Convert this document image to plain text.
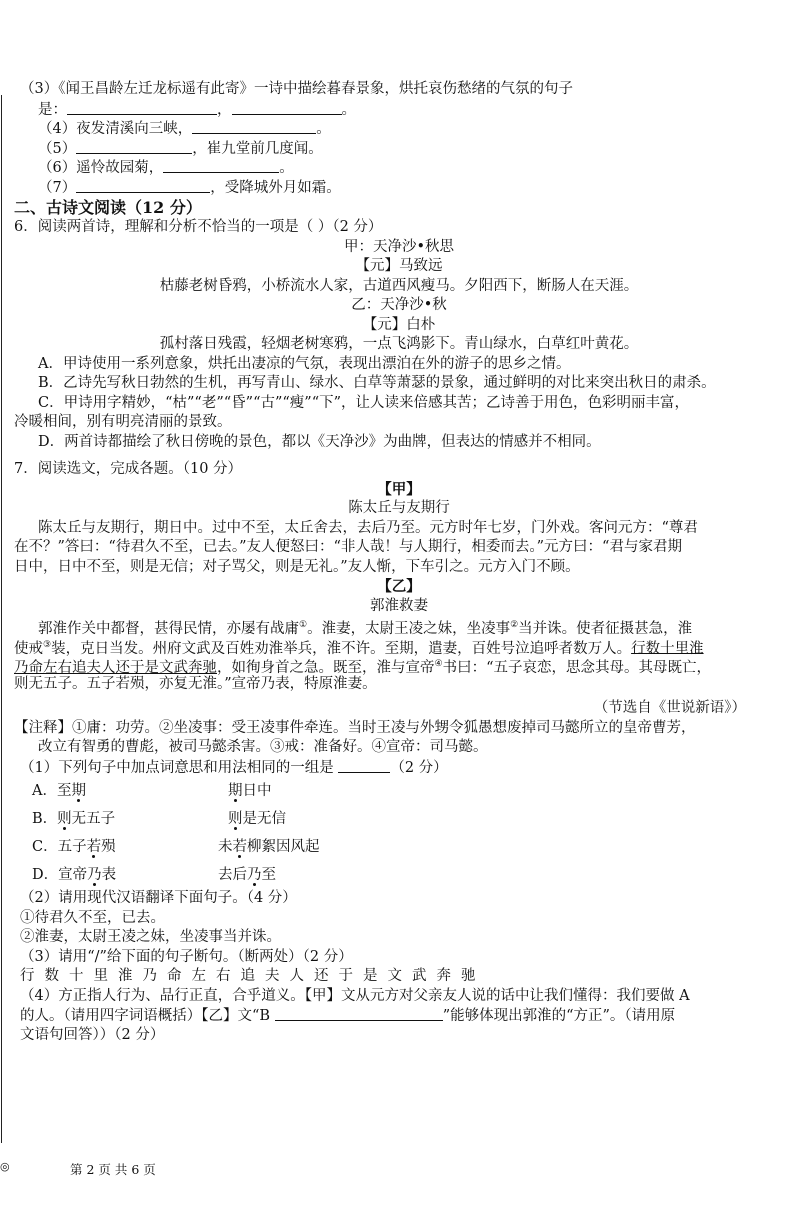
（3）《闻王昌龄左迁龙标遥有此寄》一诗中描绘暮春景象，烘托哀伤愁绪的气氛的句子
是：	，	。
（4）夜发清溪向三峡，	。
（5）	，崔九堂前几度闻。
（6）遥怜故园菊，	。
（7）	，受降城外月如霜。
二、古诗文阅读（12 分）
6．阅读两首诗，理解和分析不恰当的一项是（ ）（2 分）
甲：天净沙•秋思
【元】马致远
枯藤老树昏鸦，小桥流水人家，古道西风瘦马。夕阳西下，断肠人在天涯。
乙：天净沙•秋
【元】白朴
孤村落日残霞，轻烟老树寒鸦，一点飞鸿影下。青山绿水，白草红叶黄花。
A．甲诗使用一系列意象，烘托出凄凉的气氛，表现出漂泊在外的游子的思乡之情。
B．乙诗先写秋日勃然的生机，再写青山、绿水、白草等萧瑟的景象，通过鲜明的对比来突出秋日的肃杀。
C．甲诗用字精妙，“枯”“老”“昏”“古”“瘦”“下”，让人读来倍感其苦；乙诗善于用色，色彩明丽丰富，
冷暖相间，别有明亮清丽的景致。
D．两首诗都描绘了秋日傍晚的景色，都以《天净沙》为曲牌，但表达的情感并不相同。
7．阅读选文，完成各题。（10 分）
【甲】
陈太丘与友期行
陈太丘与友期行，期日中。过中不至，太丘舍去，去后乃至。元方时年七岁，门外戏。客问元方：“尊君
在不？”答曰：“待君久不至，已去。”友人便怒曰：“非人哉！与人期行，相委而去。”元方曰：“君与家君期
日中，日中不至，则是无信；对子骂父，则是无礼。”友人惭，下车引之。元方入门不顾。
【乙】
郭淮救妻
郭淮作关中都督，甚得民情，亦屡有战庸①。淮妻，太尉王凌之妹，坐凌事②当并诛。使者征摄甚急，淮
使戒③装，克日当发。州府文武及百姓劝淮举兵，淮不许。至期，遣妻，百姓号泣追呼者数万人。行数十里淮
乃命左右追夫人还于是文武奔驰，如徇身首之急。既至，淮与宣帝④书曰：“五子哀恋，思念其母。其母既亡，
则无五子。五子若殒，亦复无淮。”宣帝乃表，特原淮妻。
（节选自《世说新语》）
【注释】①庸：功劳。②坐凌事：受王凌事件牵连。当时王凌与外甥令狐愚想废掉司马懿所立的皇帝曹芳，
改立有智勇的曹彪，被司马懿杀害。③戒：准备好。④宣帝：司马懿。
（1）下列句子中加点词意思和用法相同的一组是	（2 分）
A．至期	期日中
B．则无五子	则是无信
C．五子若殒	未若柳絮因风起
D．宣帝乃表	去后乃至
（2）请用现代汉语翻译下面句子。（4 分）
①待君久不至，已去。
②淮妻，太尉王凌之妹，坐凌事当并诛。
（3）请用“/”给下面的句子断句。（断两处）（2 分）
行数十里淮乃命左右追夫人还于是文武奔驰
（4）方正指人行为、品行正直，合乎道义。【甲】文从元方对父亲友人说的话中让我们懂得：我们要做 A
的人。（请用四字词语概括）【乙】文“B	”能够体现出郭淮的“方正”。（请用原
文语句回答））（2 分）
◎	第 2 页 共 6 页
